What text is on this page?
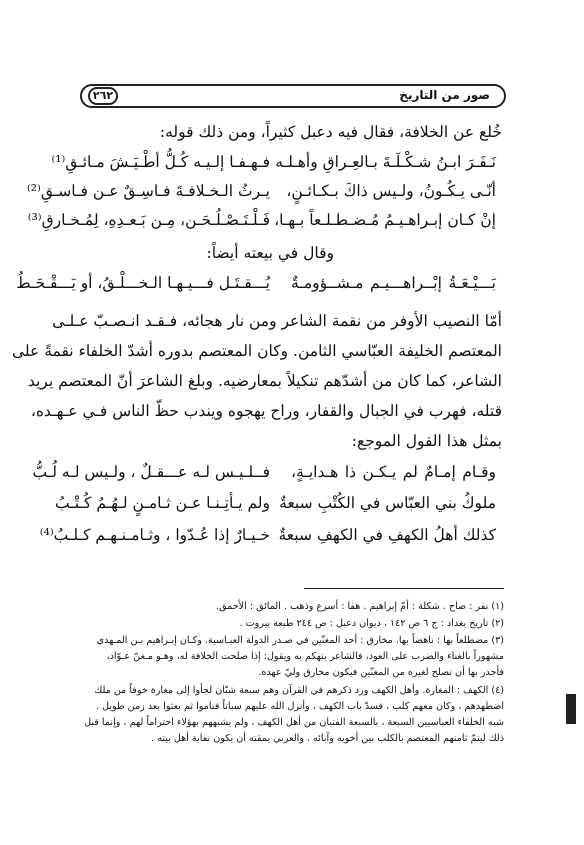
٢٦٢	صور من التاريخ
خُلع عن الخلافة، فقال فيه دعبل كثيراً، ومن ذلك قوله:
نَـفَـرَ ابـنُ شـكْـلَـةَ بـالعِـراقِ وأهـلـه
فـهـفـا إلـيـه كُـلُّ أطْـيَـشَ مـائـقِ⁽¹⁾
أنّـى يـكُـونُ، ولـيس ذاكَ بـكـائـنٍ،
يـرثُ الـخـلافـةَ فـاسِـقٌ عـن فـاسـقِ⁽²⁾
إنْ كـان إبـراهـيـمُ مُـضـطـلـعاً بـهـا،
فَـلْـتَـصْـلُـحَـن، مِـن بَـعـدِهِ، لِمُـخـارقِ⁽³⁾
وقال في بيعته أيضاً:
بَـــيْـعَـةُ إبْــراهـــيـم مـشــؤومـةٌ
يُـــقـتَـل فـــيـهـا الـخـــلْـقُ، أو يَـــقْـحَـطُ
أمّا النصيب الأوفر من نقمة الشاعر ومن نار هجائه، فـقـد انـصـبّ عـلـى
المعتصم الخليفة العبّاسي الثامن. وكان المعتصم بدوره أشدّ الخلفاء نقمةً على
الشاعر، كما كان من أشدّهم تنكيلاً بمعارضيه. وبلغ الشاعرَ أنّ المعتصم يريد
قتله، فهرب في الجبال والقفار، وراح يهجوه ويندب حظّ الناس فـي عـهـده،
بمثل هذا القول الموجع:
وقـام إمـامٌ لم يـكـن ذا هـدايـةٍ،
فــلـيـس لـه عـــقـلٌ ، ولـيس لـه لُـبُّ
ملوكُ بني العبّاس في الكُتْبِ سبعةٌ
ولم يـأتِـنـا عـن ثـامـنٍ لـهُـمُ كُـتْـبُ
كذلك أهلُ الكهفِ في الكهفِ سبعةٌ
خـيـارٌ إذا عُـدّوا ، وثـامـنـهـم كـلـبُ⁽⁴⁾
(١) نفر : صاح . شكلة : أمّ إبراهيم . هفا : أسرع وذهب . المائق : الأحمق.
(٢) تاريخ بغداد : ج ٦ ص ١٤٢ ، ديوان دعبل : ص ٢٤٤ طبعة بيروت .
(٣) مضطلعاً بها : ناهضاً بها. مخارق : أحد المغنّين في صـدر الدولة العبـاسية. وكـان إبـراهيم بـن المـهدي
مشهوراً بالغناء والضرب على العود، فالشاعر يتهكم به ويقول: إذا صلحت الخلافة له، وهـو مـغنّ عـوّاد،
فأجدر بها أن تصلح لغيره من المغنّين فيكون مخارق وليّ عهده.
(٤) الكهف : المغارة. وأهل الكهف ورد ذكرهم في القرآن وهم سبعة شبّان لجأوا إلى مغارة خوفاً من ملك
اضطهدهم ، وكان معهم كلب ، فسدّ باب الكهف ، وأنزل الله عليهم سباتاً فناموا ثم بعثوا بعد زمن طويل .
شبه الخلفاء العباسيين السبعة ، بالسبعة الفتيان من أهل الكهف ، ولم يشبههم بهؤلاء احتراماً لهم ، وإنما قبل
ذلك ليتمّ ثامنهم المعتصم بالكلب بين أخويه وآبائه . والعربي يمقته أن يكون نفاية أهل بيته .
